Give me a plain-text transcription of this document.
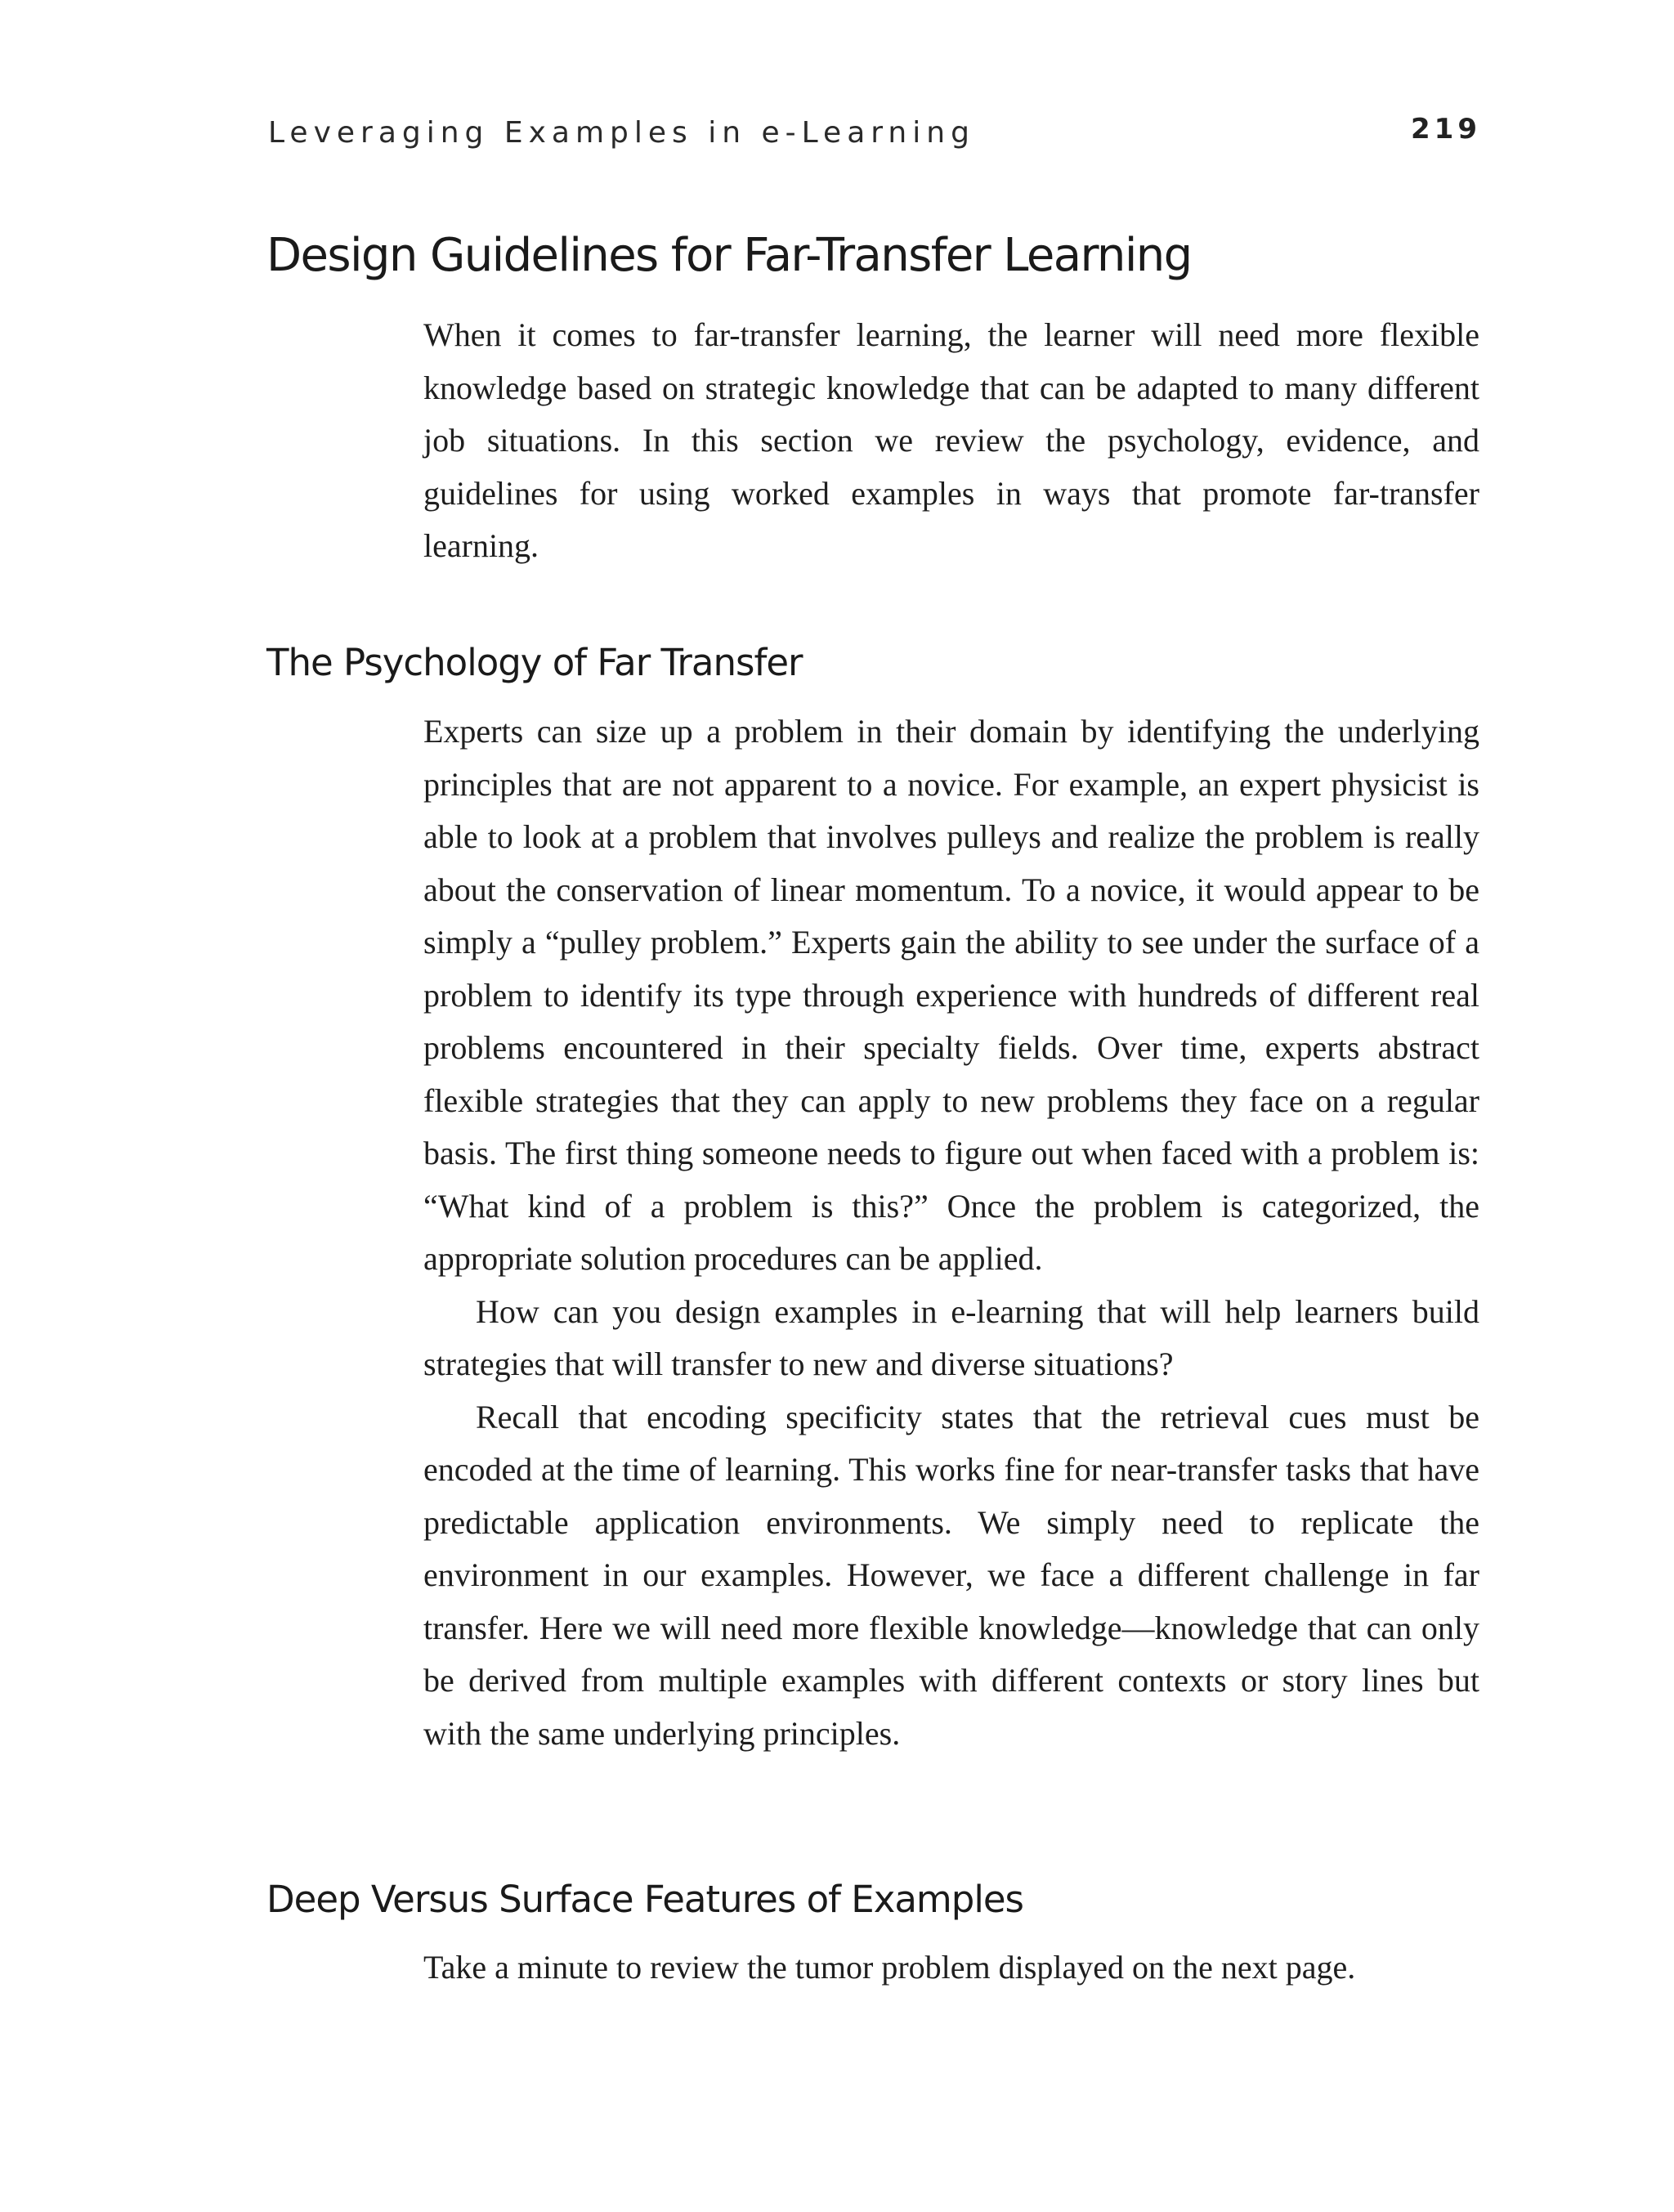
Leveraging Examples in e-Learning	219
Design Guidelines for Far-Transfer Learning

When it comes to far-transfer learning, the learner will need more flexible knowledge based on strategic knowledge that can be adapted to many different job situations. In this section we review the psychology, evidence, and guidelines for using worked examples in ways that promote far-transfer learning.

The Psychology of Far Transfer

Experts can size up a problem in their domain by identifying the underlying principles that are not apparent to a novice. For example, an expert physicist is able to look at a problem that involves pulleys and realize the problem is really about the conservation of linear momentum. To a novice, it would appear to be simply a “pulley problem.” Experts gain the ability to see under the surface of a problem to identify its type through experience with hundreds of different real problems encountered in their specialty fields. Over time, experts abstract flexible strategies that they can apply to new problems they face on a regular basis. The first thing someone needs to figure out when faced with a problem is: “What kind of a problem is this?” Once the problem is categorized, the appropriate solution procedures can be applied.

How can you design examples in e-learning that will help learners build strategies that will transfer to new and diverse situations?

Recall that encoding specificity states that the retrieval cues must be encoded at the time of learning. This works fine for near-transfer tasks that have predictable application environments. We simply need to replicate the environment in our examples. However, we face a different challenge in far transfer. Here we will need more flexible knowledge—knowledge that can only be derived from multiple examples with different contexts or story lines but with the same underlying principles.

Deep Versus Surface Features of Examples

Take a minute to review the tumor problem displayed on the next page.
